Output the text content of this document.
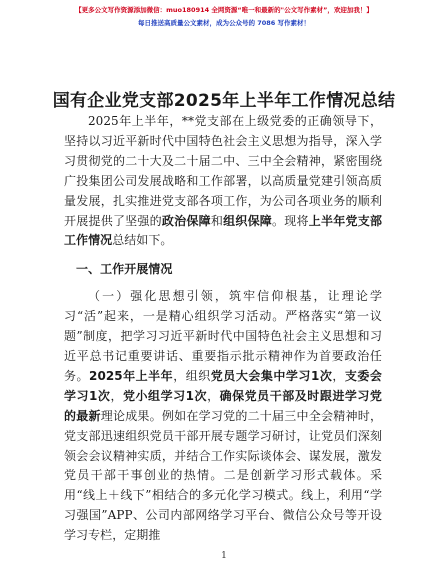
【更多公文写作资源添加微信：muo180914 全网资源“唯一和最新的"公文写作素材”，欢迎加我！】
每日推送高质量公文素材，成为公众号的 7086 写作素材！
国有企业党支部2025年上半年工作情况总结

2025年上半年，**党支部在上级党委的正确领导下，坚持以习近平新时代中国特色社会主义思想为指导，深入学习贯彻党的二十大及二十届二中、三中全会精神，紧密围绕广投集团公司发展战略和工作部署，以高质量党建引领高质量发展，扎实推进党支部各项工作，为公司各项业务的顺利开展提供了坚强的政治保障和组织保障。现将上半年党支部工作情况总结如下。

一、工作开展情况

（一）强化思想引领，筑牢信仰根基，让理论学习“活”起来，一是精心组织学习活动。严格落实“第一议题”制度，把学习习近平新时代中国特色社会主义思想和习近平总书记重要讲话、重要指示批示精神作为首要政治任务。2025年上半年，组织党员大会集中学习1次，支委会学习1次，党小组学习1次，确保党员干部及时跟进学习党的最新理论成果。例如在学习党的二十届三中全会精神时，党支部迅速组织党员干部开展专题学习研讨，让党员们深刻领会会议精神实质，并结合工作实际谈体会、谋发展，激发党员干部干事创业的热情。二是创新学习形式载体。采用“线上＋线下”相结合的多元化学习模式。线上，利用“学习强国”APP、公司内部网络学习平台、微信公众号等开设学习专栏，定期推

1
